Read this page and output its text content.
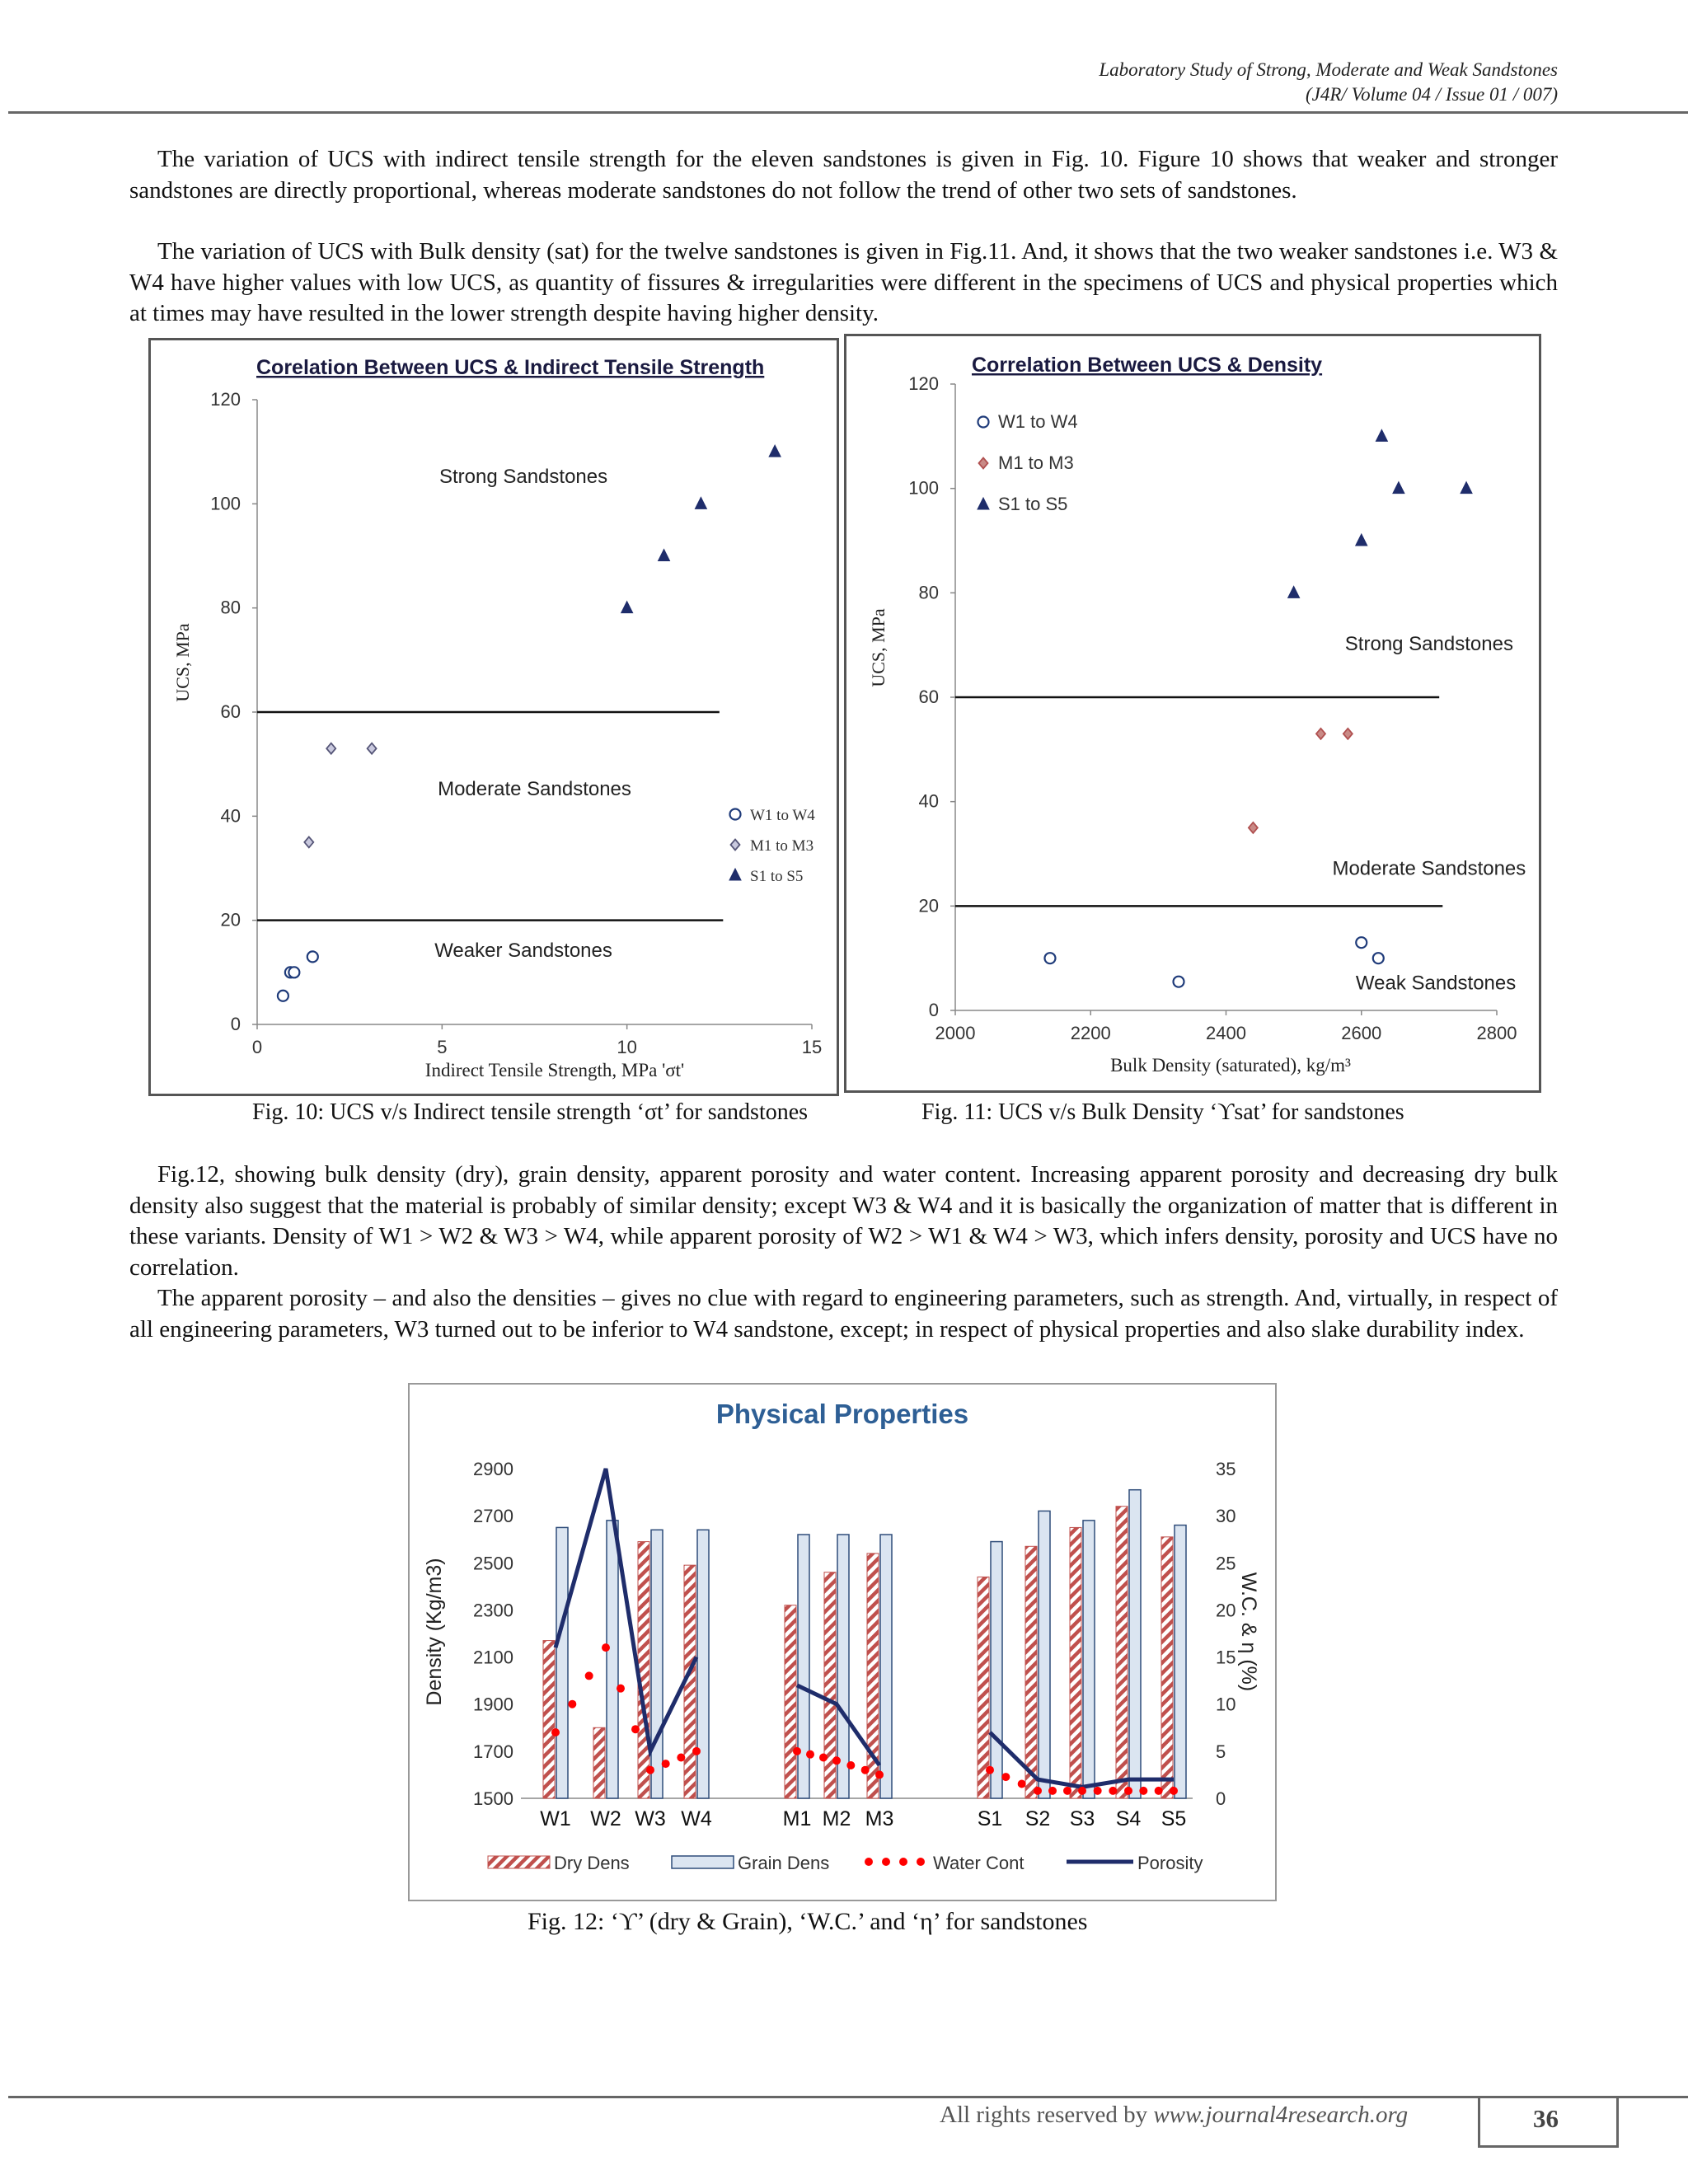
Laboratory Study of Strong, Moderate and Weak Sandstones
(J4R/ Volume 04 / Issue 01 / 007)

The variation of UCS with indirect tensile strength for the eleven sandstones is given in Fig. 10. Figure 10 shows that weaker and stronger sandstones are directly proportional, whereas moderate sandstones do not follow the trend of other two sets of sandstones.

The variation of UCS with Bulk density (sat) for the twelve sandstones is given in Fig.11. And, it shows that the two weaker sandstones i.e. W3 & W4 have higher values with low UCS, as quantity of fissures & irregularities were different in the specimens of UCS and physical properties which at times may have resulted in the lower strength despite having higher density.

0
20
40
60
80
100
120
0	5	10	15
Strong Sandstones
Moderate Sandstones
Weaker Sandstones
Corelation Between UCS & Indirect Tensile Strength
UCS, MPa
Indirect Tensile Strength, MPa 'σt'
W1 to W4
M1 to M3
S1 to S5
0
20
40
60
80
100
120
2000	2200	2400	2600	2800
Strong Sandstones
Moderate Sandstones
Weak Sandstones
Correlation Between UCS & Density
UCS, MPa
Bulk Density (saturated), kg/m³
W1 to W4
M1 to M3
S1 to S5
Fig. 10: UCS v/s Indirect tensile strength ‘σt’ for sandstones	Fig. 11: UCS v/s Bulk Density ‘ϒsat’ for sandstones

Fig.12, showing bulk density (dry), grain density, apparent porosity and water content. Increasing apparent porosity and decreasing dry bulk density also suggest that the material is probably of similar density; except W3 & W4 and it is basically the organization of matter that is different in these variants. Density of W1 > W2 & W3 > W4, while apparent porosity of W2 > W1 & W4 > W3, which infers density, porosity and UCS have no correlation.

The apparent porosity – and also the densities – gives no clue with regard to engineering parameters, such as strength. And, virtually, in respect of all engineering parameters, W3 turned out to be inferior to W4 sandstone, except; in respect of physical properties and also slake durability index.

1500
1700
1900
2100
2300
2500
2700
2900
0
5
10
15
20
25
30
35
W1 W2 W3 W4	M1 M2 M3	S1 S2 S3 S4 S5
Physical Properties
Density (Kg/m3)	W.C. & η (%)
Dry Dens	Grain Dens	Water Cont	Porosity
Fig. 12: ‘ϒ’ (dry & Grain), ‘W.C.’ and ‘η’ for sandstones
All rights reserved by www.journal4research.org	36
